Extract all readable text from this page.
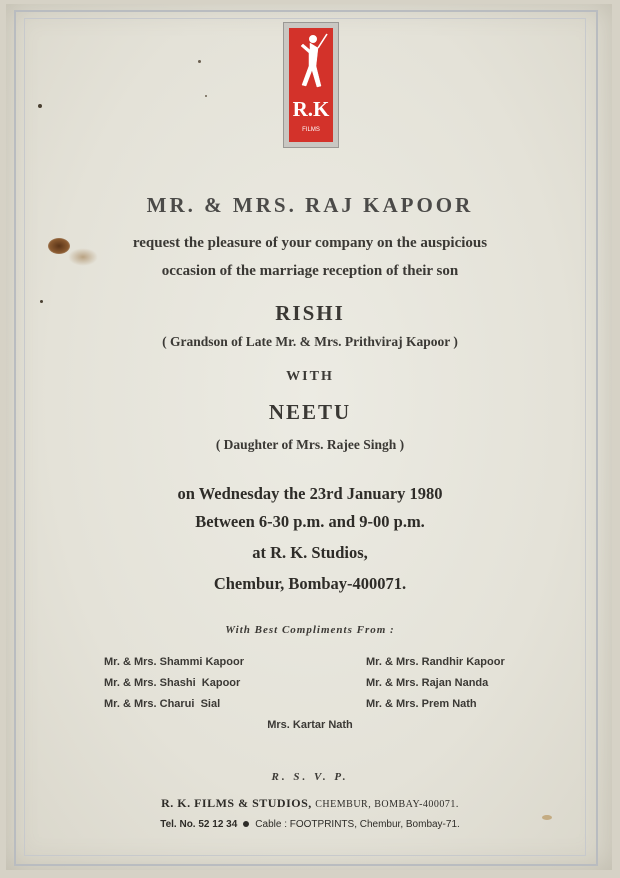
R.K
FILMS
MR. & MRS. RAJ KAPOOR
request the pleasure of your company on the auspicious
occasion of the marriage reception of their son
RISHI
( Grandson of Late Mr. & Mrs. Prithviraj Kapoor )
WITH
NEETU
( Daughter of Mrs. Rajee Singh )
on Wednesday the 23rd January 1980
Between 6-30 p.m. and 9-00 p.m.
at R. K. Studios,
Chembur, Bombay-400071.
With Best Compliments From :
Mr. & Mrs. Shammi Kapoor
Mr. & Mrs. Shashi  Kapoor
Mr. & Mrs. Charui  Sial
Mr. & Mrs. Randhir Kapoor
Mr. & Mrs. Rajan Nanda
Mr. & Mrs. Prem Nath
Mrs. Kartar Nath
R. S. V. P.
R. K. FILMS & STUDIOS, CHEMBUR, BOMBAY-400071.
Tel. No. 52 12 34 Cable : FOOTPRINTS, Chembur, Bombay-71.
